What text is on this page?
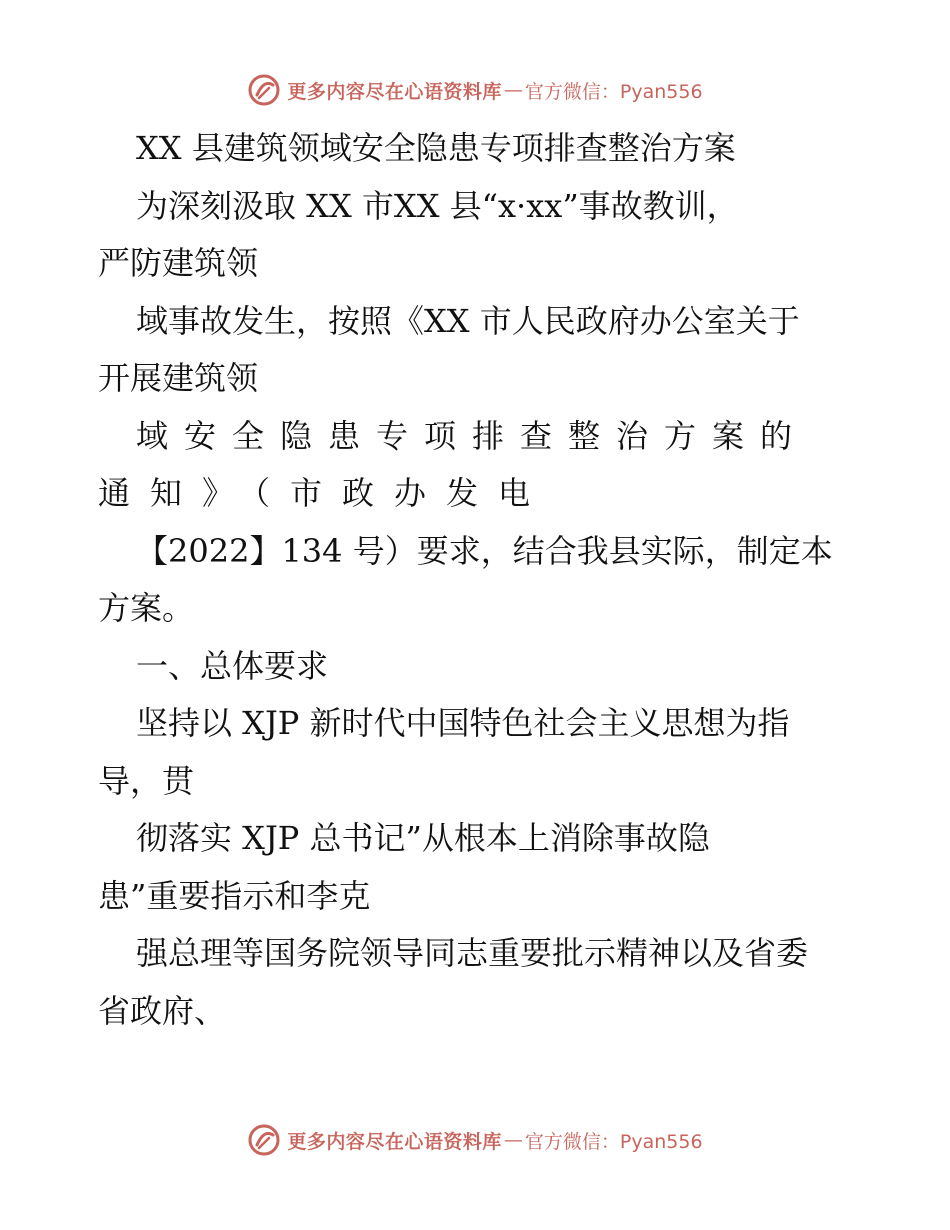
更多内容尽在心语资料库 — 官方微信：Pyan556
XX 县建筑领域安全隐患专项排查整治方案
为深刻汲取 XX 市XX 县“x·xx”事故教训，
严防建筑领
域事故发生，按照《XX 市人民政府办公室关于
开展建筑领
域安全隐患专项排查整治方案的
通知》（市政办发电
【2022】134 号）要求，结合我县实际，制定本
方案。
一、总体要求
坚持以 XJP 新时代中国特色社会主义思想为指
导，贯
彻落实 XJP 总书记”从根本上消除事故隐
患”重要指示和李克
强总理等国务院领导同志重要批示精神以及省委
省政府、
更多内容尽在心语资料库 — 官方微信：Pyan556
